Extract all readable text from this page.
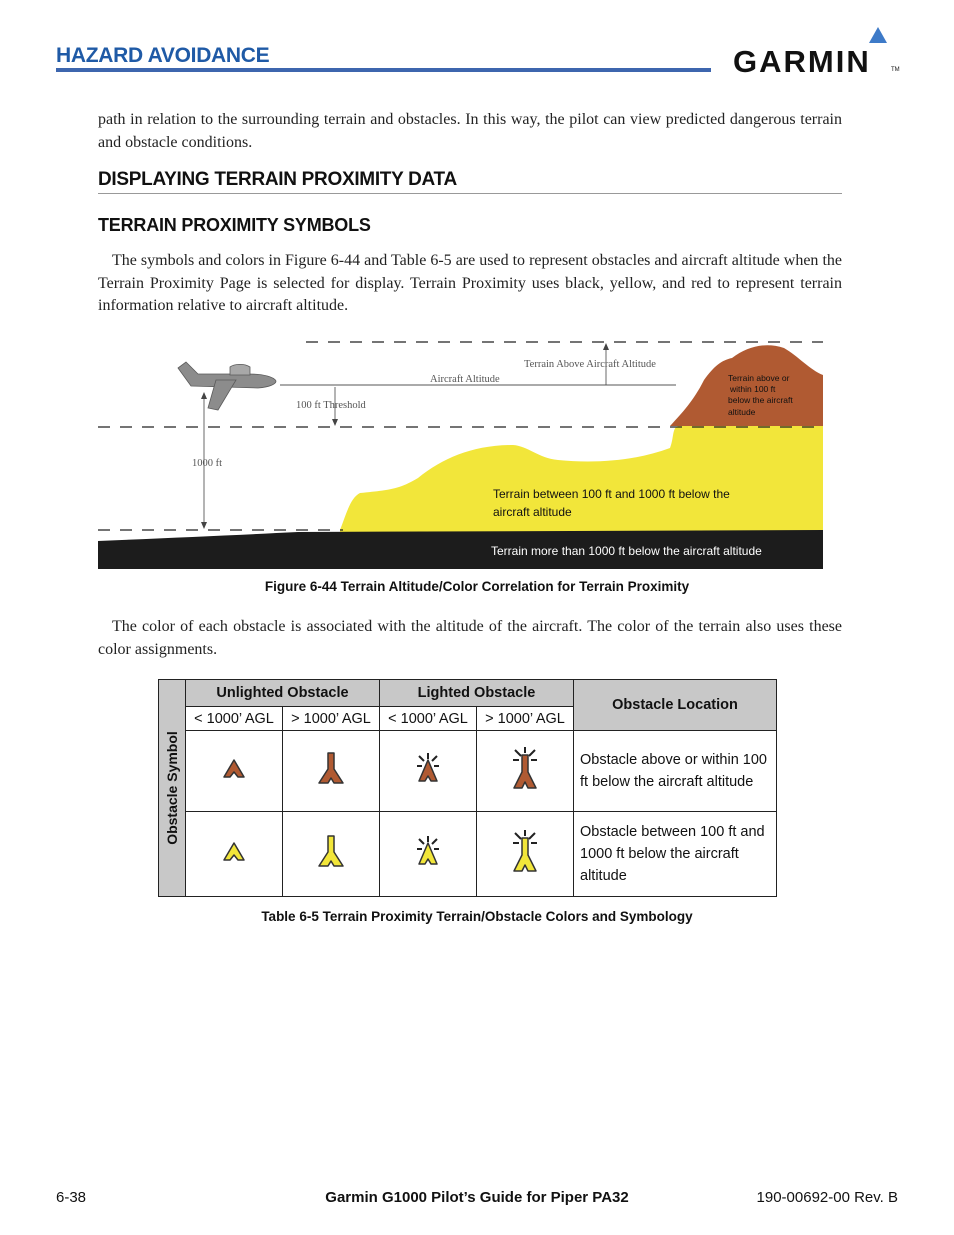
HAZARD AVOIDANCE	GARMIN	TM
path in relation to the surrounding terrain and obstacles. In this way, the pilot can view predicted dangerous terrain and obstacle conditions.
DISPLAYING TERRAIN PROXIMITY DATA
TERRAIN PROXIMITY SYMBOLS
The symbols and colors in Figure 6-44 and Table 6-5 are used to represent obstacles and aircraft altitude when the Terrain Proximity Page is selected for display. Terrain Proximity uses black, yellow, and red to represent terrain information relative to aircraft altitude.
Terrain Above Aircraft Altitude
Aircraft Altitude
100 ft Threshold
1000 ft
Terrain above or
within 100 ft
below the aircraft
altitude
Terrain between 100 ft and 1000 ft below the
aircraft altitude
Terrain more than 1000 ft below the aircraft altitude
Figure 6-44 Terrain Altitude/Color Correlation for Terrain Proximity
The color of each obstacle is associated with the altitude of the aircraft. The color of the terrain also uses these color assignments.
Obstacle Symbol	Unlighted Obstacle		Lighted Obstacle		Obstacle Location
	< 1000’ AGL	> 1000’ AGL	< 1000’ AGL	> 1000’ AGL	
				Obstacle above or within 100 ft below the aircraft altitude
				Obstacle between 100 ft and 1000 ft below the aircraft altitude
Table 6-5 Terrain Proximity Terrain/Obstacle Colors and Symbology
6-38	Garmin G1000 Pilot’s Guide for Piper PA32	190-00692-00 Rev. B
